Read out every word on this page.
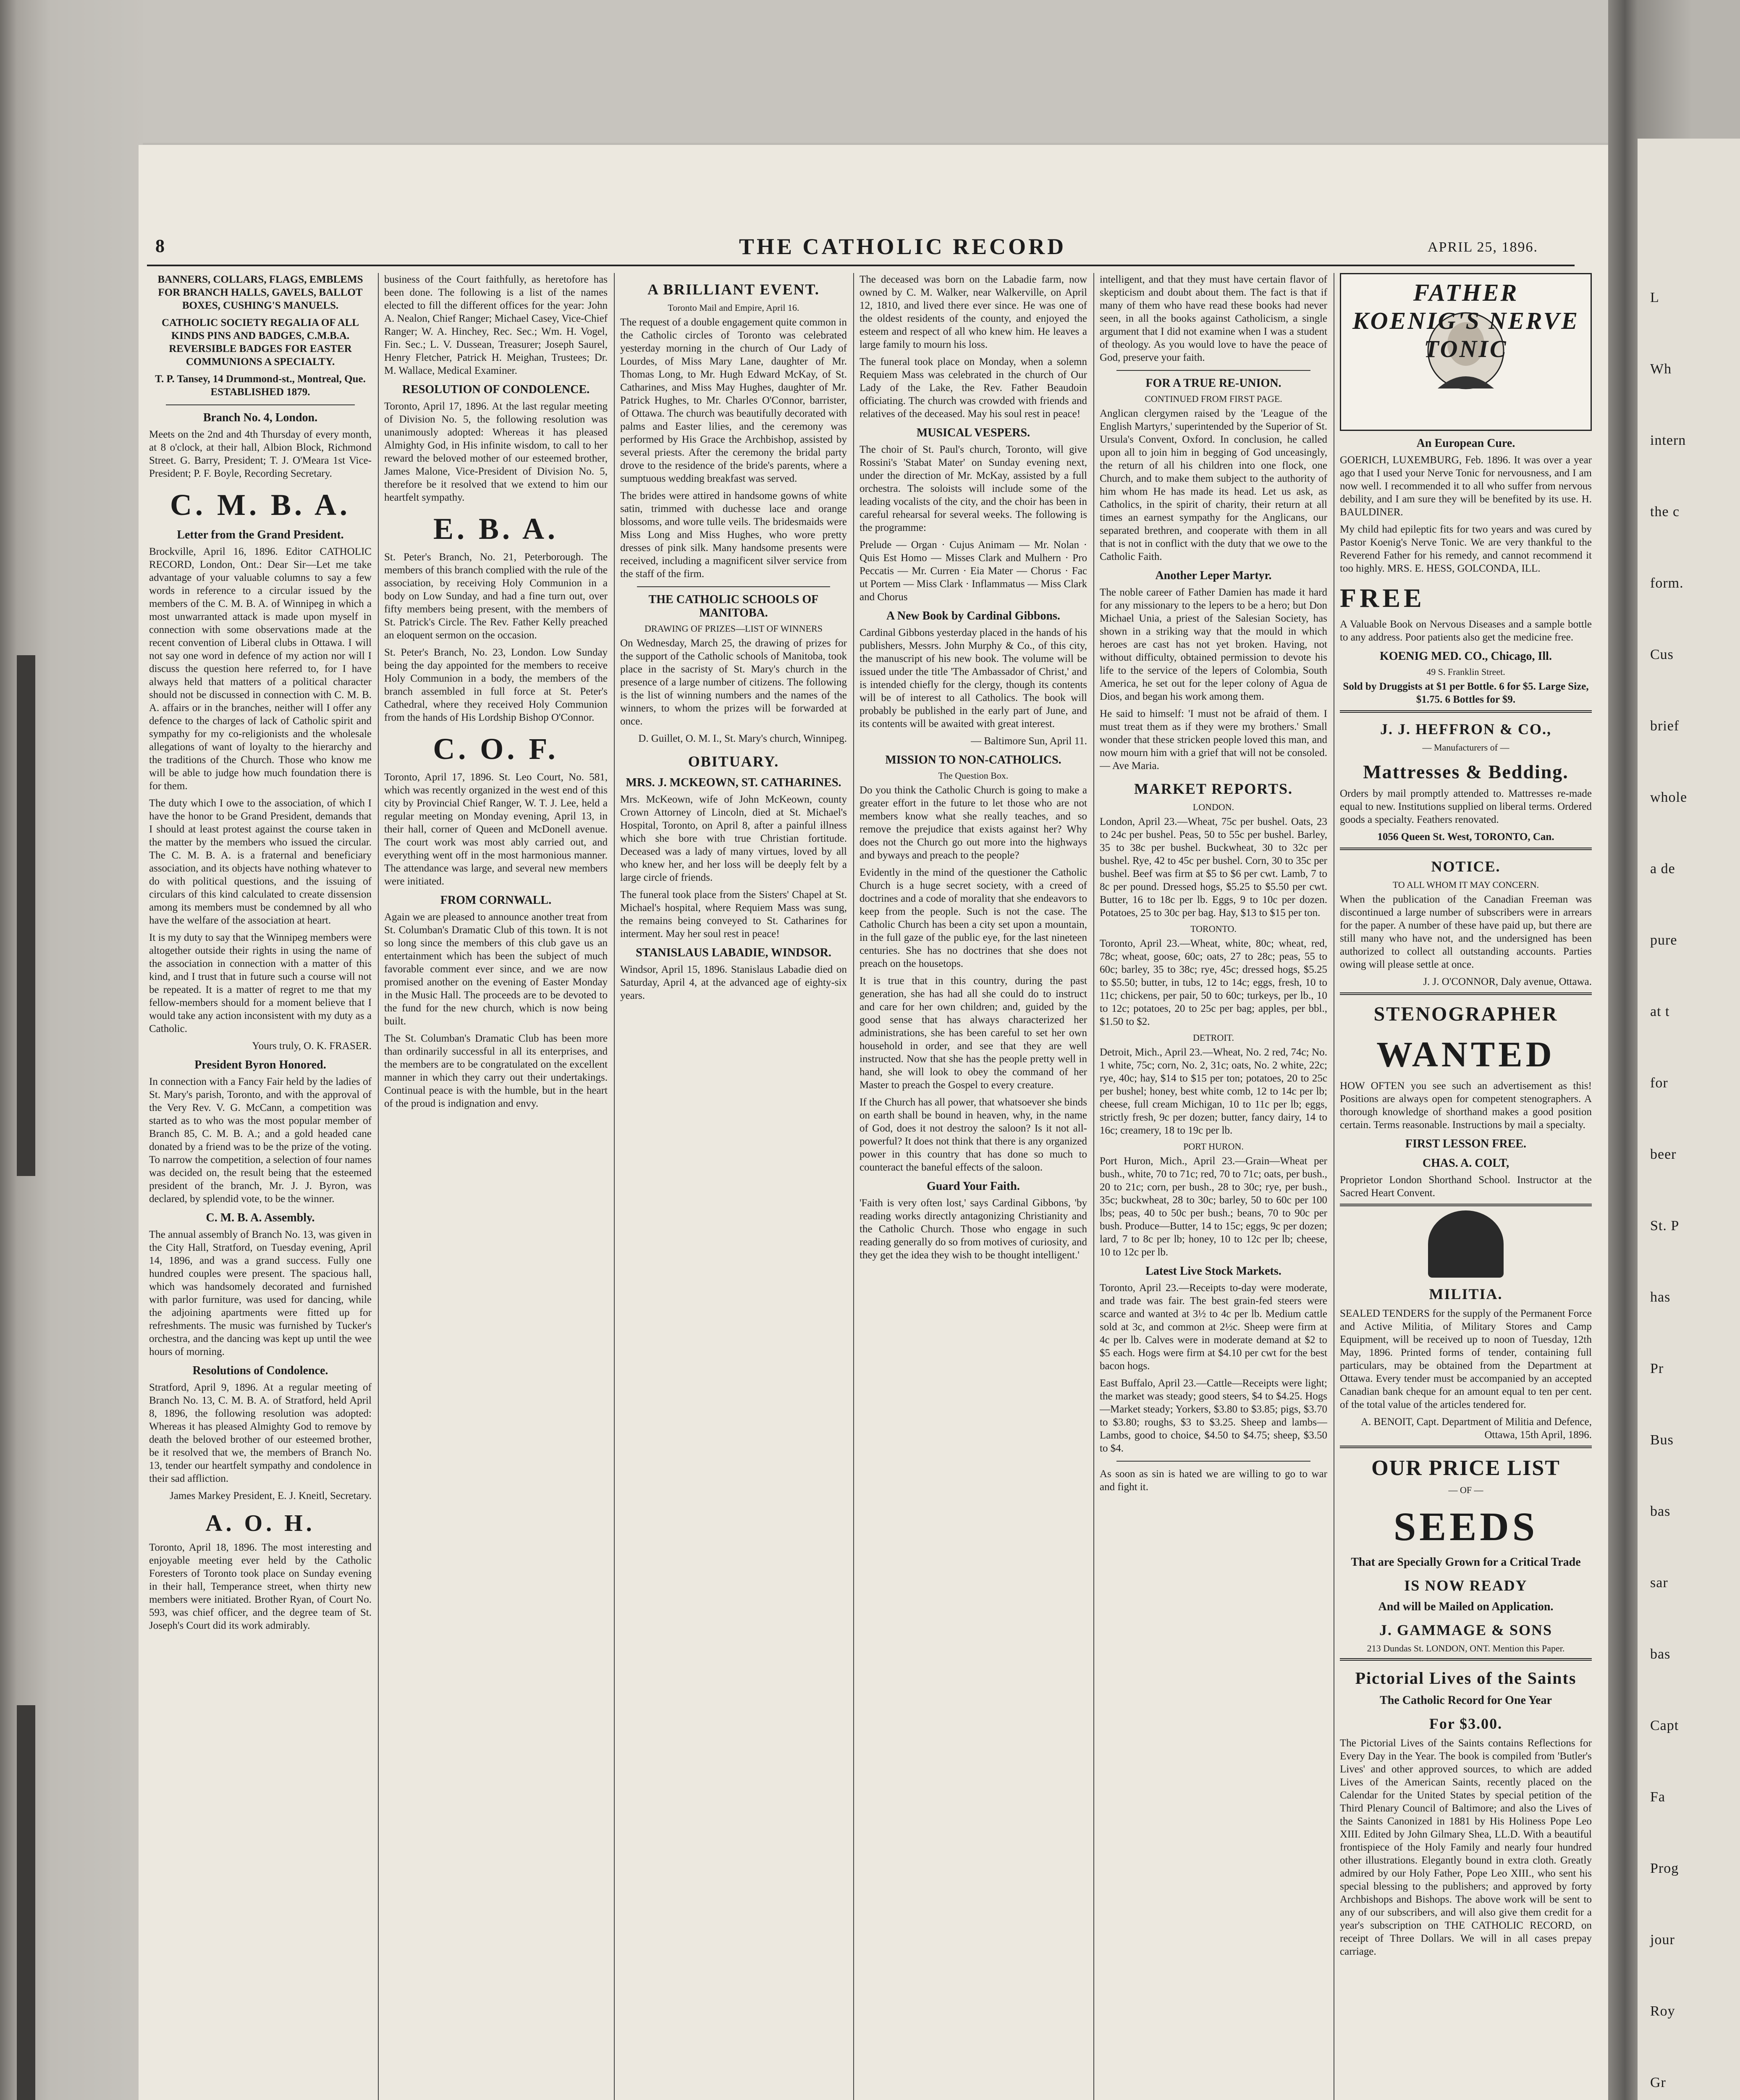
L
Wh
intern
the c
form.
Cus
brief
whole
a de
pure
at t
for
beer
St. P
has
Pr
Bus
bas
sar
bas
Capt
Fa
Prog
jour
Roy
Gr
8	THE CATHOLIC RECORD	APRIL 25, 1896.

BANNERS, COLLARS, FLAGS, EMBLEMS FOR BRANCH HALLS, GAVELS, BALLOT BOXES, CUSHING'S MANUELS.

CATHOLIC SOCIETY REGALIA OF ALL KINDS PINS AND BADGES, C.M.B.A. REVERSIBLE BADGES FOR EASTER COMMUNIONS A SPECIALTY.

T. P. Tansey, 14 Drummond-st., Montreal, Que. ESTABLISHED 1879.

Branch No. 4, London.

Meets on the 2nd and 4th Thursday of every month, at 8 o'clock, at their hall, Albion Block, Richmond Street. G. Barry, President; T. J. O'Meara 1st Vice-President; P. F. Boyle, Recording Secretary.

C. M. B. A.
Letter from the Grand President.

Brockville, April 16, 1896. Editor CATHOLIC RECORD, London, Ont.: Dear Sir—Let me take advantage of your valuable columns to say a few words in reference to a circular issued by the members of the C. M. B. A. of Winnipeg in which a most unwarranted attack is made upon myself in connection with some observations made at the recent convention of Liberal clubs in Ottawa. I will not say one word in defence of my action nor will I discuss the question here referred to, for I have always held that matters of a political character should not be discussed in connection with C. M. B. A. affairs or in the branches, neither will I offer any defence to the charges of lack of Catholic spirit and sympathy for my co-religionists and the wholesale allegations of want of loyalty to the hierarchy and the traditions of the Church. Those who know me will be able to judge how much foundation there is for them.

The duty which I owe to the association, of which I have the honor to be Grand President, demands that I should at least protest against the course taken in the matter by the members who issued the circular. The C. M. B. A. is a fraternal and beneficiary association, and its objects have nothing whatever to do with political questions, and the issuing of circulars of this kind calculated to create dissension among its members must be condemned by all who have the welfare of the association at heart.

It is my duty to say that the Winnipeg members were altogether outside their rights in using the name of the association in connection with a matter of this kind, and I trust that in future such a course will not be repeated. It is a matter of regret to me that my fellow-members should for a moment believe that I would take any action inconsistent with my duty as a Catholic.

Yours truly, O. K. FRASER.

President Byron Honored.

In connection with a Fancy Fair held by the ladies of St. Mary's parish, Toronto, and with the approval of the Very Rev. V. G. McCann, a competition was started as to who was the most popular member of Branch 85, C. M. B. A.; and a gold headed cane donated by a friend was to be the prize of the voting. To narrow the competition, a selection of four names was decided on, the result being that the esteemed president of the branch, Mr. J. J. Byron, was declared, by splendid vote, to be the winner.

C. M. B. A. Assembly.

The annual assembly of Branch No. 13, was given in the City Hall, Stratford, on Tuesday evening, April 14, 1896, and was a grand success. Fully one hundred couples were present. The spacious hall, which was handsomely decorated and furnished with parlor furniture, was used for dancing, while the adjoining apartments were fitted up for refreshments. The music was furnished by Tucker's orchestra, and the dancing was kept up until the wee hours of morning.

Resolutions of Condolence.

Stratford, April 9, 1896. At a regular meeting of Branch No. 13, C. M. B. A. of Stratford, held April 8, 1896, the following resolution was adopted: Whereas it has pleased Almighty God to remove by death the beloved brother of our esteemed brother, be it resolved that we, the members of Branch No. 13, tender our heartfelt sympathy and condolence in their sad affliction.

James Markey President, E. J. Kneitl, Secretary.

A. O. H.

Toronto, April 18, 1896. The most interesting and enjoyable meeting ever held by the Catholic Foresters of Toronto took place on Sunday evening in their hall, Temperance street, when thirty new members were initiated. Brother Ryan, of Court No. 593, was chief officer, and the degree team of St. Joseph's Court did its work admirably.

business of the Court faithfully, as heretofore has been done. The following is a list of the names elected to fill the different offices for the year: John A. Nealon, Chief Ranger; Michael Casey, Vice-Chief Ranger; W. A. Hinchey, Rec. Sec.; Wm. H. Vogel, Fin. Sec.; L. V. Dussean, Treasurer; Joseph Saurel, Henry Fletcher, Patrick H. Meighan, Trustees; Dr. M. Wallace, Medical Examiner.

RESOLUTION OF CONDOLENCE.

Toronto, April 17, 1896. At the last regular meeting of Division No. 5, the following resolution was unanimously adopted: Whereas it has pleased Almighty God, in His infinite wisdom, to call to her reward the beloved mother of our esteemed brother, James Malone, Vice-President of Division No. 5, therefore be it resolved that we extend to him our heartfelt sympathy.

E. B. A.

St. Peter's Branch, No. 21, Peterborough. The members of this branch complied with the rule of the association, by receiving Holy Communion in a body on Low Sunday, and had a fine turn out, over fifty members being present, with the members of St. Patrick's Circle. The Rev. Father Kelly preached an eloquent sermon on the occasion.

St. Peter's Branch, No. 23, London. Low Sunday being the day appointed for the members to receive Holy Communion in a body, the members of the branch assembled in full force at St. Peter's Cathedral, where they received Holy Communion from the hands of His Lordship Bishop O'Connor.

C. O. F.

Toronto, April 17, 1896. St. Leo Court, No. 581, which was recently organized in the west end of this city by Provincial Chief Ranger, W. T. J. Lee, held a regular meeting on Monday evening, April 13, in their hall, corner of Queen and McDonell avenue. The court work was most ably carried out, and everything went off in the most harmonious manner. The attendance was large, and several new members were initiated.

FROM CORNWALL.

Again we are pleased to announce another treat from St. Columban's Dramatic Club of this town. It is not so long since the members of this club gave us an entertainment which has been the subject of much favorable comment ever since, and we are now promised another on the evening of Easter Monday in the Music Hall. The proceeds are to be devoted to the fund for the new church, which is now being built.

The St. Columban's Dramatic Club has been more than ordinarily successful in all its enterprises, and the members are to be congratulated on the excellent manner in which they carry out their undertakings. Continual peace is with the humble, but in the heart of the proud is indignation and envy.

A BRILLIANT EVENT.
Toronto Mail and Empire, April 16.

The request of a double engagement quite common in the Catholic circles of Toronto was celebrated yesterday morning in the church of Our Lady of Lourdes, of Miss Mary Lane, daughter of Mr. Thomas Long, to Mr. Hugh Edward McKay, of St. Catharines, and Miss May Hughes, daughter of Mr. Patrick Hughes, to Mr. Charles O'Connor, barrister, of Ottawa. The church was beautifully decorated with palms and Easter lilies, and the ceremony was performed by His Grace the Archbishop, assisted by several priests. After the ceremony the bridal party drove to the residence of the bride's parents, where a sumptuous wedding breakfast was served.

The brides were attired in handsome gowns of white satin, trimmed with duchesse lace and orange blossoms, and wore tulle veils. The bridesmaids were Miss Long and Miss Hughes, who wore pretty dresses of pink silk. Many handsome presents were received, including a magnificent silver service from the staff of the firm.

THE CATHOLIC SCHOOLS OF MANITOBA.
DRAWING OF PRIZES—LIST OF WINNERS

On Wednesday, March 25, the drawing of prizes for the support of the Catholic schools of Manitoba, took place in the sacristy of St. Mary's church in the presence of a large number of citizens. The following is the list of winning numbers and the names of the winners, to whom the prizes will be forwarded at once.

D. Guillet, O. M. I., St. Mary's church, Winnipeg.

OBITUARY.
MRS. J. MCKEOWN, ST. CATHARINES.

Mrs. McKeown, wife of John McKeown, county Crown Attorney of Lincoln, died at St. Michael's Hospital, Toronto, on April 8, after a painful illness which she bore with true Christian fortitude. Deceased was a lady of many virtues, loved by all who knew her, and her loss will be deeply felt by a large circle of friends.

The funeral took place from the Sisters' Chapel at St. Michael's hospital, where Requiem Mass was sung, the remains being conveyed to St. Catharines for interment. May her soul rest in peace!

STANISLAUS LABADIE, WINDSOR.

Windsor, April 15, 1896. Stanislaus Labadie died on Saturday, April 4, at the advanced age of eighty-six years.

The deceased was born on the Labadie farm, now owned by C. M. Walker, near Walkerville, on April 12, 1810, and lived there ever since. He was one of the oldest residents of the county, and enjoyed the esteem and respect of all who knew him. He leaves a large family to mourn his loss.

The funeral took place on Monday, when a solemn Requiem Mass was celebrated in the church of Our Lady of the Lake, the Rev. Father Beaudoin officiating. The church was crowded with friends and relatives of the deceased. May his soul rest in peace!

MUSICAL VESPERS.

The choir of St. Paul's church, Toronto, will give Rossini's 'Stabat Mater' on Sunday evening next, under the direction of Mr. McKay, assisted by a full orchestra. The soloists will include some of the leading vocalists of the city, and the choir has been in careful rehearsal for several weeks. The following is the programme:

Prelude — Organ · Cujus Animam — Mr. Nolan · Quis Est Homo — Misses Clark and Mulhern · Pro Peccatis — Mr. Curren · Eia Mater — Chorus · Fac ut Portem — Miss Clark · Inflammatus — Miss Clark and Chorus

A New Book by Cardinal Gibbons.

Cardinal Gibbons yesterday placed in the hands of his publishers, Messrs. John Murphy & Co., of this city, the manuscript of his new book. The volume will be issued under the title 'The Ambassador of Christ,' and is intended chiefly for the clergy, though its contents will be of interest to all Catholics. The book will probably be published in the early part of June, and its contents will be awaited with great interest.

— Baltimore Sun, April 11.

MISSION TO NON-CATHOLICS.
The Question Box.

Do you think the Catholic Church is going to make a greater effort in the future to let those who are not members know what she really teaches, and so remove the prejudice that exists against her? Why does not the Church go out more into the highways and byways and preach to the people?

Evidently in the mind of the questioner the Catholic Church is a huge secret society, with a creed of doctrines and a code of morality that she endeavors to keep from the people. Such is not the case. The Catholic Church has been a city set upon a mountain, in the full gaze of the public eye, for the last nineteen centuries. She has no doctrines that she does not preach on the housetops.

It is true that in this country, during the past generation, she has had all she could do to instruct and care for her own children; and, guided by the good sense that has always characterized her administrations, she has been careful to set her own household in order, and see that they are well instructed. Now that she has the people pretty well in hand, she will look to obey the command of her Master to preach the Gospel to every creature.

If the Church has all power, that whatsoever she binds on earth shall be bound in heaven, why, in the name of God, does it not destroy the saloon? Is it not all-powerful? It does not think that there is any organized power in this country that has done so much to counteract the baneful effects of the saloon.

Guard Your Faith.

'Faith is very often lost,' says Cardinal Gibbons, 'by reading works directly antagonizing Christianity and the Catholic Church. Those who engage in such reading generally do so from motives of curiosity, and they get the idea they wish to be thought intelligent.'

intelligent, and that they must have certain flavor of skepticism and doubt about them. The fact is that if many of them who have read these books had never seen, in all the books against Catholicism, a single argument that I did not examine when I was a student of theology. As you would love to have the peace of God, preserve your faith.

FOR A TRUE RE-UNION.
CONTINUED FROM FIRST PAGE.

Anglican clergymen raised by the 'League of the English Martyrs,' superintended by the Superior of St. Ursula's Convent, Oxford. In conclusion, he called upon all to join him in begging of God unceasingly, the return of all his children into one flock, one Church, and to make them subject to the authority of him whom He has made its head. Let us ask, as Catholics, in the spirit of charity, their return at all times an earnest sympathy for the Anglicans, our separated brethren, and cooperate with them in all that is not in conflict with the duty that we owe to the Catholic Faith.

Another Leper Martyr.

The noble career of Father Damien has made it hard for any missionary to the lepers to be a hero; but Don Michael Unia, a priest of the Salesian Society, has shown in a striking way that the mould in which heroes are cast has not yet broken. Having, not without difficulty, obtained permission to devote his life to the service of the lepers of Colombia, South America, he set out for the leper colony of Agua de Dios, and began his work among them.

He said to himself: 'I must not be afraid of them. I must treat them as if they were my brothers.' Small wonder that these stricken people loved this man, and now mourn him with a grief that will not be consoled. — Ave Maria.

MARKET REPORTS.
LONDON.

London, April 23.—Wheat, 75c per bushel. Oats, 23 to 24c per bushel. Peas, 50 to 55c per bushel. Barley, 35 to 38c per bushel. Buckwheat, 30 to 32c per bushel. Rye, 42 to 45c per bushel. Corn, 30 to 35c per bushel. Beef was firm at $5 to $6 per cwt. Lamb, 7 to 8c per pound. Dressed hogs, $5.25 to $5.50 per cwt. Butter, 16 to 18c per lb. Eggs, 9 to 10c per dozen. Potatoes, 25 to 30c per bag. Hay, $13 to $15 per ton.

TORONTO.

Toronto, April 23.—Wheat, white, 80c; wheat, red, 78c; wheat, goose, 60c; oats, 27 to 28c; peas, 55 to 60c; barley, 35 to 38c; rye, 45c; dressed hogs, $5.25 to $5.50; butter, in tubs, 12 to 14c; eggs, fresh, 10 to 11c; chickens, per pair, 50 to 60c; turkeys, per lb., 10 to 12c; potatoes, 20 to 25c per bag; apples, per bbl., $1.50 to $2.

DETROIT.

Detroit, Mich., April 23.—Wheat, No. 2 red, 74c; No. 1 white, 75c; corn, No. 2, 31c; oats, No. 2 white, 22c; rye, 40c; hay, $14 to $15 per ton; potatoes, 20 to 25c per bushel; honey, best white comb, 12 to 14c per lb; cheese, full cream Michigan, 10 to 11c per lb; eggs, strictly fresh, 9c per dozen; butter, fancy dairy, 14 to 16c; creamery, 18 to 19c per lb.

PORT HURON.

Port Huron, Mich., April 23.—Grain—Wheat per bush., white, 70 to 71c; red, 70 to 71c; oats, per bush., 20 to 21c; corn, per bush., 28 to 30c; rye, per bush., 35c; buckwheat, 28 to 30c; barley, 50 to 60c per 100 lbs; peas, 40 to 50c per bush.; beans, 70 to 90c per bush. Produce—Butter, 14 to 15c; eggs, 9c per dozen; lard, 7 to 8c per lb; honey, 10 to 12c per lb; cheese, 10 to 12c per lb.

Latest Live Stock Markets.

Toronto, April 23.—Receipts to-day were moderate, and trade was fair. The best grain-fed steers were scarce and wanted at 3½ to 4c per lb. Medium cattle sold at 3c, and common at 2½c. Sheep were firm at 4c per lb. Calves were in moderate demand at $2 to $5 each. Hogs were firm at $4.10 per cwt for the best bacon hogs.

East Buffalo, April 23.—Cattle—Receipts were light; the market was steady; good steers, $4 to $4.25. Hogs—Market steady; Yorkers, $3.80 to $3.85; pigs, $3.70 to $3.80; roughs, $3 to $3.25. Sheep and lambs—Lambs, good to choice, $4.50 to $4.75; sheep, $3.50 to $4.

As soon as sin is hated we are willing to go to war and fight it.

FATHER KOENIG'S NERVE TONIC
An European Cure.

GOERICH, LUXEMBURG, Feb. 1896. It was over a year ago that I used your Nerve Tonic for nervousness, and I am now well. I recommended it to all who suffer from nervous debility, and I am sure they will be benefited by its use. H. BAULDINER.

My child had epileptic fits for two years and was cured by Pastor Koenig's Nerve Tonic. We are very thankful to the Reverend Father for his remedy, and cannot recommend it too highly. MRS. E. HESS, GOLCONDA, ILL.

FREE

A Valuable Book on Nervous Diseases and a sample bottle to any address. Poor patients also get the medicine free.

KOENIG MED. CO., Chicago, Ill.
49 S. Franklin Street.

Sold by Druggists at $1 per Bottle. 6 for $5. Large Size, $1.75. 6 Bottles for $9.

J. J. HEFFRON & CO.,
— Manufacturers of —
Mattresses & Bedding.

Orders by mail promptly attended to. Mattresses re-made equal to new. Institutions supplied on liberal terms. Ordered goods a specialty. Feathers renovated.

1056 Queen St. West, TORONTO, Can.

NOTICE.
TO ALL WHOM IT MAY CONCERN.

When the publication of the Canadian Freeman was discontinued a large number of subscribers were in arrears for the paper. A number of these have paid up, but there are still many who have not, and the undersigned has been authorized to collect all outstanding accounts. Parties owing will please settle at once.

J. J. O'CONNOR, Daly avenue, Ottawa.

STENOGRAPHER
WANTED

HOW OFTEN you see such an advertisement as this! Positions are always open for competent stenographers. A thorough knowledge of shorthand makes a good position certain. Terms reasonable. Instructions by mail a specialty.

FIRST LESSON FREE.
CHAS. A. COLT,

Proprietor London Shorthand School. Instructor at the Sacred Heart Convent.

MILITIA.

SEALED TENDERS for the supply of the Permanent Force and Active Militia, of Military Stores and Camp Equipment, will be received up to noon of Tuesday, 12th May, 1896. Printed forms of tender, containing full particulars, may be obtained from the Department at Ottawa. Every tender must be accompanied by an accepted Canadian bank cheque for an amount equal to ten per cent. of the total value of the articles tendered for.

A. BENOIT, Capt. Department of Militia and Defence, Ottawa, 15th April, 1896.

OUR PRICE LIST
— OF —
SEEDS
That are Specially Grown for a Critical Trade
IS NOW READY
And will be Mailed on Application.
J. GAMMAGE & SONS
213 Dundas St. LONDON, ONT. Mention this Paper.
Pictorial Lives of the Saints
The Catholic Record for One Year
For $3.00.

The Pictorial Lives of the Saints contains Reflections for Every Day in the Year. The book is compiled from 'Butler's Lives' and other approved sources, to which are added Lives of the American Saints, recently placed on the Calendar for the United States by special petition of the Third Plenary Council of Baltimore; and also the Lives of the Saints Canonized in 1881 by His Holiness Pope Leo XIII. Edited by John Gilmary Shea, LL.D. With a beautiful frontispiece of the Holy Family and nearly four hundred other illustrations. Elegantly bound in extra cloth. Greatly admired by our Holy Father, Pope Leo XIII., who sent his special blessing to the publishers; and approved by forty Archbishops and Bishops. The above work will be sent to any of our subscribers, and will also give them credit for a year's subscription on THE CATHOLIC RECORD, on receipt of Three Dollars. We will in all cases prepay carriage.
